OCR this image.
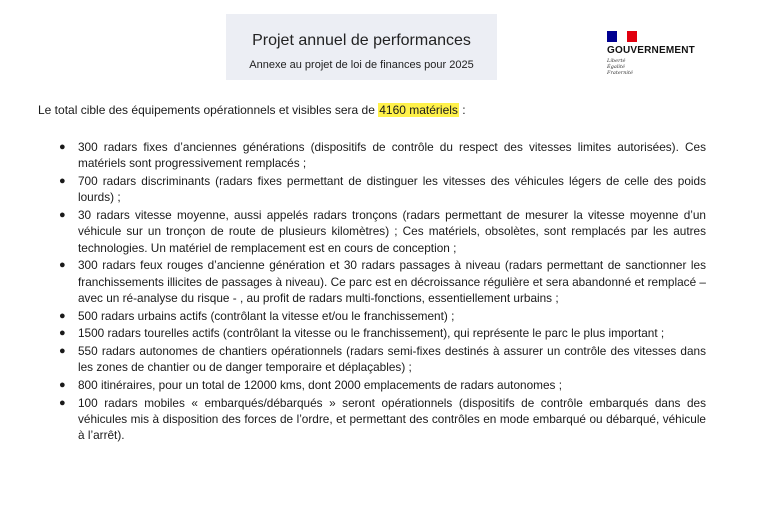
Projet annuel de performances
Annexe au projet de loi de finances pour 2025
GOUVERNEMENT
Liberté
Égalité
Fraternité
Le total cible des équipements opérationnels et visibles sera de 4160 matériels :
● 300 radars fixes d’anciennes générations (dispositifs de contrôle du respect des vitesses limites autorisées). Ces matériels sont progressivement remplacés ;
● 700 radars discriminants (radars fixes permettant de distinguer les vitesses des véhicules légers de celle des poids lourds) ;
● 30 radars vitesse moyenne, aussi appelés radars tronçons (radars permettant de mesurer la vitesse moyenne d’un véhicule sur un tronçon de route de plusieurs kilomètres) ; Ces matériels, obsolètes, sont remplacés par les autres technologies. Un matériel de remplacement est en cours de conception ;
● 300 radars feux rouges d’ancienne génération et 30 radars passages à niveau (radars permettant de sanctionner les franchissements illicites de passages à niveau). Ce parc est en décroissance régulière et sera abandonné et remplacé – avec un ré-analyse du risque - , au profit de radars multi-fonctions, essentiellement urbains ;
● 500 radars urbains actifs (contrôlant la vitesse et/ou le franchissement) ;
● 1500 radars tourelles actifs (contrôlant la vitesse ou le franchissement), qui représente le parc le plus important ;
● 550 radars autonomes de chantiers opérationnels (radars semi-fixes destinés à assurer un contrôle des vitesses dans les zones de chantier ou de danger temporaire et déplaçables) ;
● 800 itinéraires, pour un total de 12000 kms, dont 2000 emplacements de radars autonomes ;
● 100 radars mobiles « embarqués/débarqués » seront opérationnels (dispositifs de contrôle embarqués dans des véhicules mis à disposition des forces de l’ordre, et permettant des contrôles en mode embarqué ou débarqué, véhicule à l’arrêt).
